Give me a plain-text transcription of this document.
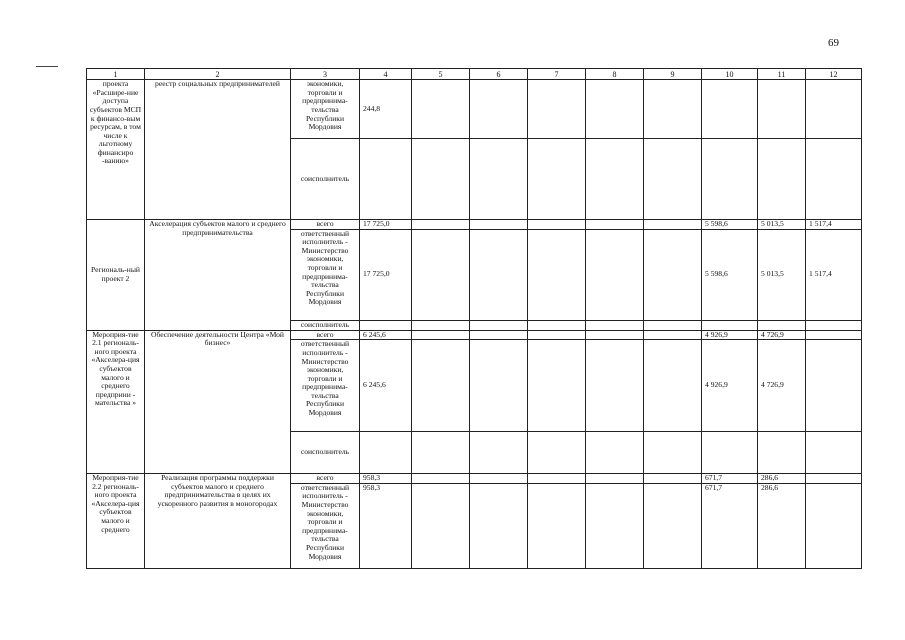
69
1	2	3	4	5	6	7	8	9	10	11	12
проекта «Расшире-ние доступа субъектов МСП к финансо-вым ресурсам, в том числе к льготному финансиро -ванию»	реестр социальных предпринимателей	экономики, торговли и предпринима-тельства Республики Мордовия	244,8								
		соисполнитель									
Региональ-ный проект 2	Акселерация субъектов малого и среднего предпринимательства	всего	17 725,0						5 598,6	5 013,5	1 517,4
		ответственный исполнитель - Министерство экономики, торговли и предпринима-тельства Республики Мордовия	17 725,0						5 598,6	5 013,5	1 517,4
		соисполнитель									
Мероприя-тие 2.1 региональ-ного проекта «Акселера-ция субъектов малого и среднего предприни - мательства »	Обеспечение деятельности Центра «Мой бизнес»	всего	6 245,6						4 926,9	4 726,9	
		ответственный исполнитель - Министерство экономики, торговли и предпринима-тельства Республики Мордовия	6 245,6						4 926,9	4 726,9	
		соисполнитель									
Мероприя-тие 2.2 региональ-ного проекта «Акселера-ция субъектов малого и среднего	Реализация программы поддержки субъектов малого и среднего предпринимательства в целях их ускоренного развития в моногородах	всего	958,3						671,7	286,6	
		ответственный исполнитель - Министерство экономики, торговли и предпринима-тельства Республики Мордовия	958,3						671,7	286,6	
